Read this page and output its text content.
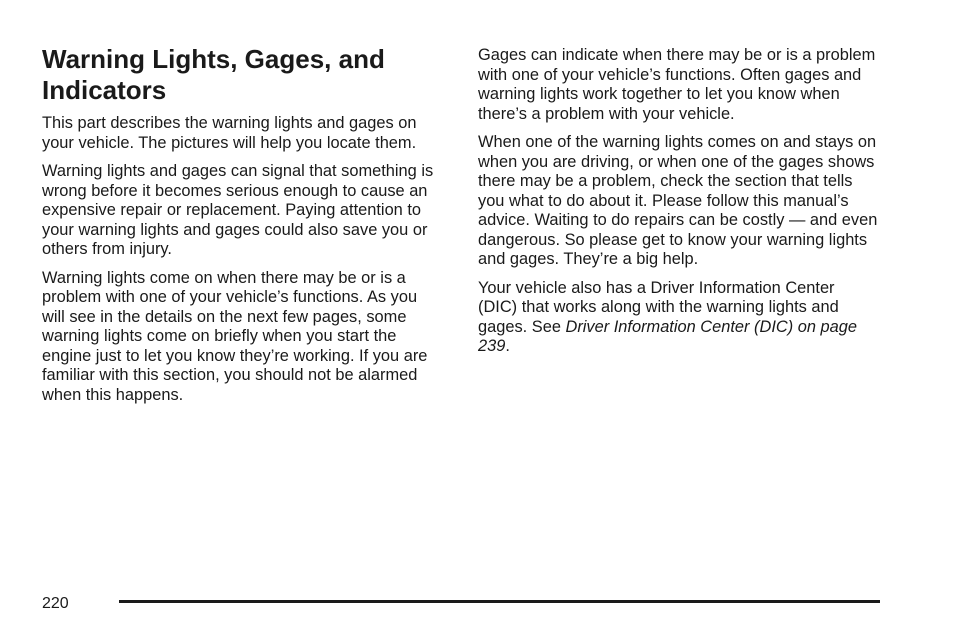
Warning Lights, Gages, and Indicators

This part describes the warning lights and gages on your vehicle. The pictures will help you locate them.

Warning lights and gages can signal that something is wrong before it becomes serious enough to cause an expensive repair or replacement. Paying attention to your warning lights and gages could also save you or others from injury.

Warning lights come on when there may be or is a problem with one of your vehicle’s functions. As you will see in the details on the next few pages, some warning lights come on briefly when you start the engine just to let you know they’re working. If you are familiar with this section, you should not be alarmed when this happens.

Gages can indicate when there may be or is a problem with one of your vehicle’s functions. Often gages and warning lights work together to let you know when there’s a problem with your vehicle.

When one of the warning lights comes on and stays on when you are driving, or when one of the gages shows there may be a problem, check the section that tells you what to do about it. Please follow this manual’s advice. Waiting to do repairs can be costly — and even dangerous. So please get to know your warning lights and gages. They’re a big help.

Your vehicle also has a Driver Information Center (DIC) that works along with the warning lights and gages. See Driver Information Center (DIC) on page 239.

220
